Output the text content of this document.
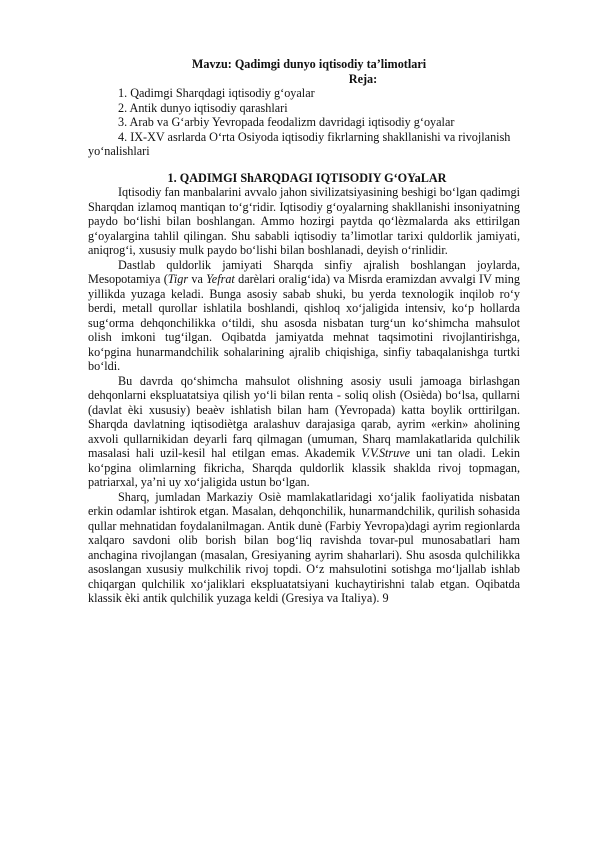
Mavzu: Qadimgi dunyo iqtisodiy ta’limotlari
Reja:

1. Qadimgi Sharqdagi iqtisodiy g‘oyalar

2. Antik dunyo iqtisodiy qarashlari

3. Arab va G‘arbiy Yevropada feodalizm davridagi iqtisodiy g‘oyalar

4. IX-XV asrlarda O‘rta Osiyoda iqtisodiy fikrlarning shakllanishi va rivojlanish yo‘nalishlari

1. QADIMGI ShARQDAGI IQTISODIY G‘OYaLAR

Iqtisodiy fan manbalarini avvalo jahon sivilizatsiyasining beshigi bo‘lgan qadimgi Sharqdan izlamoq mantiqan to‘g‘ridir. Iqtisodiy g‘oyalarning shakllanishi insoniyatning paydo bo‘lishi bilan boshlangan. Ammo hozirgi paytda qo‘lèzmalarda aks ettirilgan g‘oyalargina tahlil qilingan. Shu sababli iqtisodiy ta’limotlar tarixi quldorlik jamiyati, aniqrog‘i, xususiy mulk paydo bo‘lishi bilan boshlanadi, deyish o‘rinlidir.

Dastlab quldorlik jamiyati Sharqda sinfiy ajralish boshlangan joylarda, Mesopotamiya (Tigr va Yefrat darèlari oralig‘ida) va Misrda eramizdan avvalgi IV ming yillikda yuzaga keladi. Bunga asosiy sabab shuki, bu yerda texnologik inqilob ro‘y berdi, metall qurollar ishlatila boshlandi, qishloq xo‘jaligida intensiv, ko‘p hollarda sug‘orma dehqonchilikka o‘tildi, shu asosda nisbatan turg‘un ko‘shimcha mahsulot olish imkoni tug‘ilgan. Oqibatda jamiyatda mehnat taqsimotini rivojlantirishga, ko‘pgina hunarmandchilik sohalarining ajralib chiqishiga, sinfiy tabaqalanishga turtki bo‘ldi.

Bu davrda qo‘shimcha mahsulot olishning asosiy usuli jamoaga birlashgan dehqonlarni ekspluatatsiya qilish yo‘li bilan renta - soliq olish (Osièda) bo‘lsa, qullarni (davlat èki xususiy) beaèv ishlatish bilan ham (Yevropada) katta boylik orttirilgan. Sharqda davlatning iqtisodiètga aralashuv darajasiga qarab, ayrim «erkin» aholining axvoli qullarnikidan deyarli farq qilmagan (umuman, Sharq mamlakatlarida qulchilik masalasi hali uzil-kesil hal etilgan emas. Akademik V.V.Struve uni tan oladi. Lekin ko‘pgina olimlarning fikricha, Sharqda quldorlik klassik shaklda rivoj topmagan, patriarxal, ya’ni uy xo‘jaligida ustun bo‘lgan.

Sharq, jumladan Markaziy Osiè mamlakatlaridagi xo‘jalik faoliyatida nisbatan erkin odamlar ishtirok etgan. Masalan, dehqonchilik, hunarmandchilik, qurilish sohasida qullar mehnatidan foydalanilmagan. Antik dunè (Farbiy Yevropa)dagi ayrim regionlarda xalqaro savdoni olib borish bilan bog‘liq ravishda tovar-pul munosabatlari ham anchagina rivojlangan (masalan, Gresiyaning ayrim shaharlari). Shu asosda qulchilikka asoslangan xususiy mulkchilik rivoj topdi. O‘z mahsulotini sotishga mo‘ljallab ishlab chiqargan qulchilik xo‘jaliklari ekspluatatsiyani kuchaytirishni talab etgan. Oqibatda klassik èki antik qulchilik yuzaga keldi (Gresiya va Italiya). 9
